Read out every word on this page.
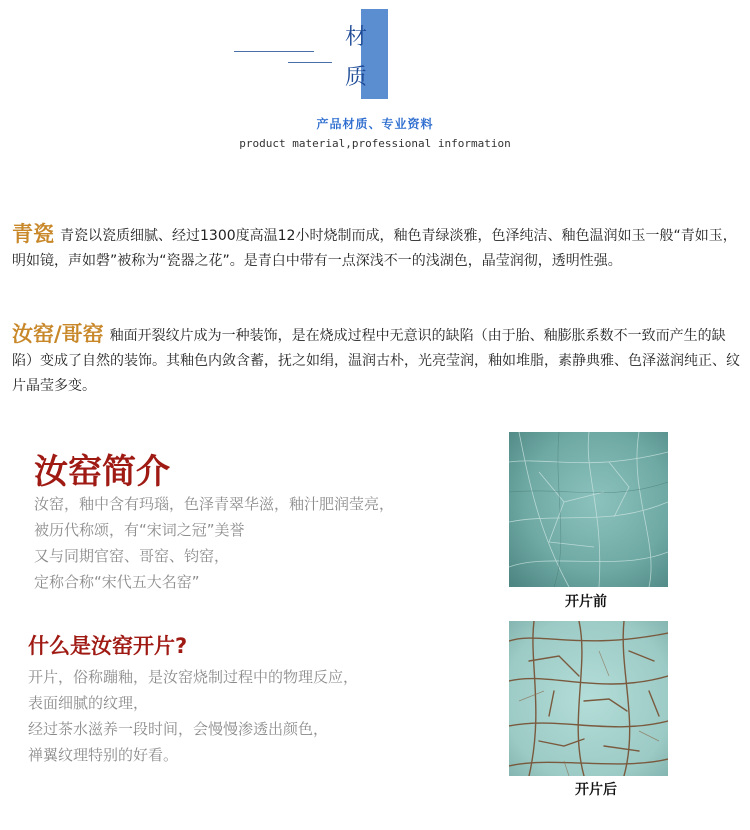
材
质
产品材质、专业资料
product material,professional information
青瓷 青瓷以瓷质细腻、经过1300度高温12小时烧制而成，釉色青绿淡雅，色泽纯洁、釉色温润如玉一般“青如玉，明如镜，声如磬”被称为“瓷器之花”。是青白中带有一点深浅不一的浅湖色，晶莹润彻，透明性强。
汝窑/哥窑 釉面开裂纹片成为一种装饰，是在烧成过程中无意识的缺陷（由于胎、釉膨胀系数不一致而产生的缺陷）变成了自然的装饰。其釉色内敛含蓄，抚之如绢，温润古朴，光亮莹润，釉如堆脂，素静典雅、色泽滋润纯正、纹片晶莹多变。
汝窑简介
汝窑，釉中含有玛瑙，色泽青翠华滋，釉汁肥润莹亮，
被历代称颂，有“宋词之冠”美誉
又与同期官窑、哥窑、钧窑，
定称合称“宋代五大名窑”
什么是汝窑开片?
开片，俗称蹦釉，是汝窑烧制过程中的物理反应，
表面细腻的纹理，
经过茶水滋养一段时间，会慢慢渗透出颜色，
禅翼纹理特别的好看。
开片前
开片后
